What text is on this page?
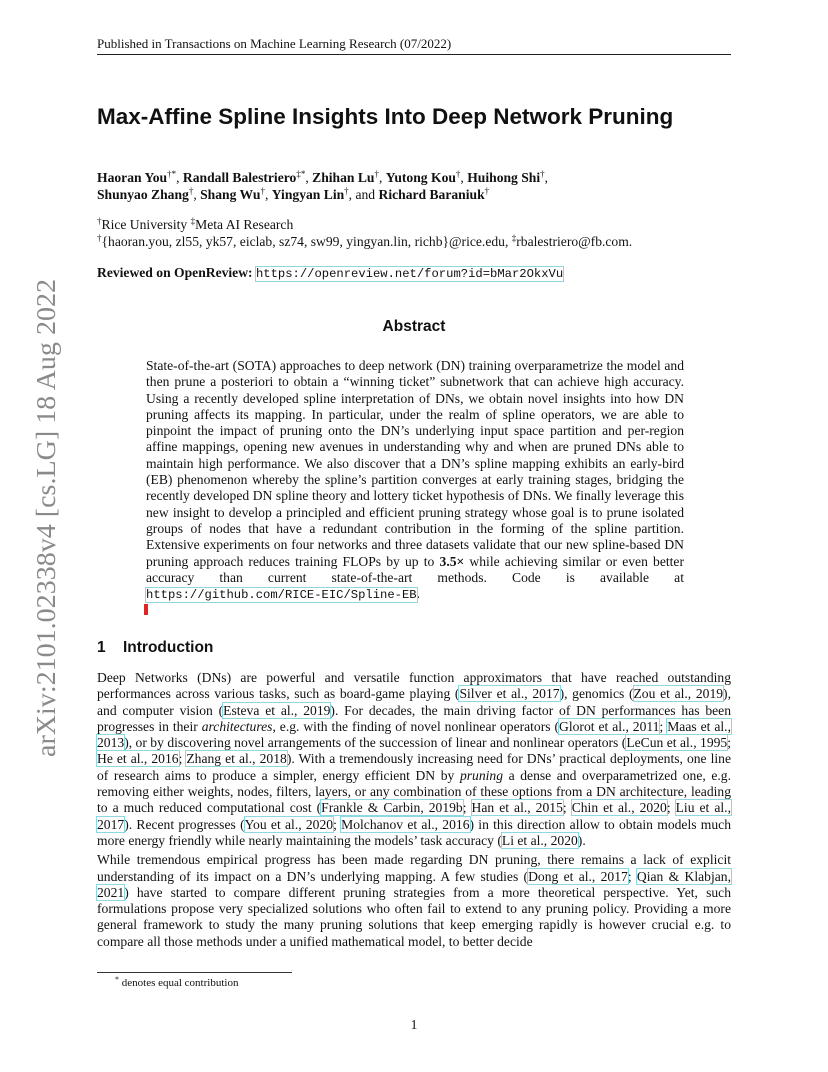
Published in Transactions on Machine Learning Research (07/2022)
arXiv:2101.02338v4 [cs.LG] 18 Aug 2022
Max-Affine Spline Insights Into Deep Network Pruning
Haoran You†*, Randall Balestriero‡*, Zhihan Lu†, Yutong Kou†, Huihong Shi†,
Shunyao Zhang†, Shang Wu†, Yingyan Lin†, and Richard Baraniuk†
†Rice University ‡Meta AI Research
†{haoran.you, zl55, yk57, eiclab, sz74, sw99, yingyan.lin, richb}@rice.edu, ‡rbalestriero@fb.com.
Reviewed on OpenReview: https://openreview.net/forum?id=bMar2OkxVu
Abstract

State-of-the-art (SOTA) approaches to deep network (DN) training overparametrize the model and then prune a posteriori to obtain a “winning ticket” subnetwork that can achieve high accuracy. Using a recently developed spline interpretation of DNs, we obtain novel insights into how DN pruning affects its mapping. In particular, under the realm of spline operators, we are able to pinpoint the impact of pruning onto the DN’s underlying input space partition and per-region affine mappings, opening new avenues in understanding why and when are pruned DNs able to maintain high performance. We also discover that a DN’s spline mapping exhibits an early-bird (EB) phenomenon whereby the spline’s partition converges at early training stages, bridging the recently developed DN spline theory and lottery ticket hypothesis of DNs. We finally leverage this new insight to develop a principled and efficient pruning strategy whose goal is to prune isolated groups of nodes that have a redundant contribution in the forming of the spline partition. Extensive experiments on four networks and three datasets validate that our new spline-based DN pruning approach reduces training FLOPs by up to 3.5× while achieving similar or even better accuracy than current state-of-the-art methods. Code is available at https://github.com/RICE-EIC/Spline-EB.

1 Introduction

Deep Networks (DNs) are powerful and versatile function approximators that have reached outstanding performances across various tasks, such as board-game playing (Silver et al., 2017), genomics (Zou et al., 2019), and computer vision (Esteva et al., 2019). For decades, the main driving factor of DN performances has been progresses in their architectures, e.g. with the finding of novel nonlinear operators (Glorot et al., 2011; Maas et al., 2013), or by discovering novel arrangements of the succession of linear and nonlinear operators (LeCun et al., 1995; He et al., 2016; Zhang et al., 2018). With a tremendously increasing need for DNs’ practical deployments, one line of research aims to produce a simpler, energy efficient DN by pruning a dense and overparametrized one, e.g. removing either weights, nodes, filters, layers, or any combination of these options from a DN architecture, leading to a much reduced computational cost (Frankle & Carbin, 2019b; Han et al., 2015; Chin et al., 2020; Liu et al., 2017). Recent progresses (You et al., 2020; Molchanov et al., 2016) in this direction allow to obtain models much more energy friendly while nearly maintaining the models’ task accuracy (Li et al., 2020).

While tremendous empirical progress has been made regarding DN pruning, there remains a lack of explicit understanding of its impact on a DN’s underlying mapping. A few studies (Dong et al., 2017; Qian & Klabjan, 2021) have started to compare different pruning strategies from a more theoretical perspective. Yet, such formulations propose very specialized solutions who often fail to extend to any pruning policy. Providing a more general framework to study the many pruning solutions that keep emerging rapidly is however crucial e.g. to compare all those methods under a unified mathematical model, to better decide

* denotes equal contribution
1
